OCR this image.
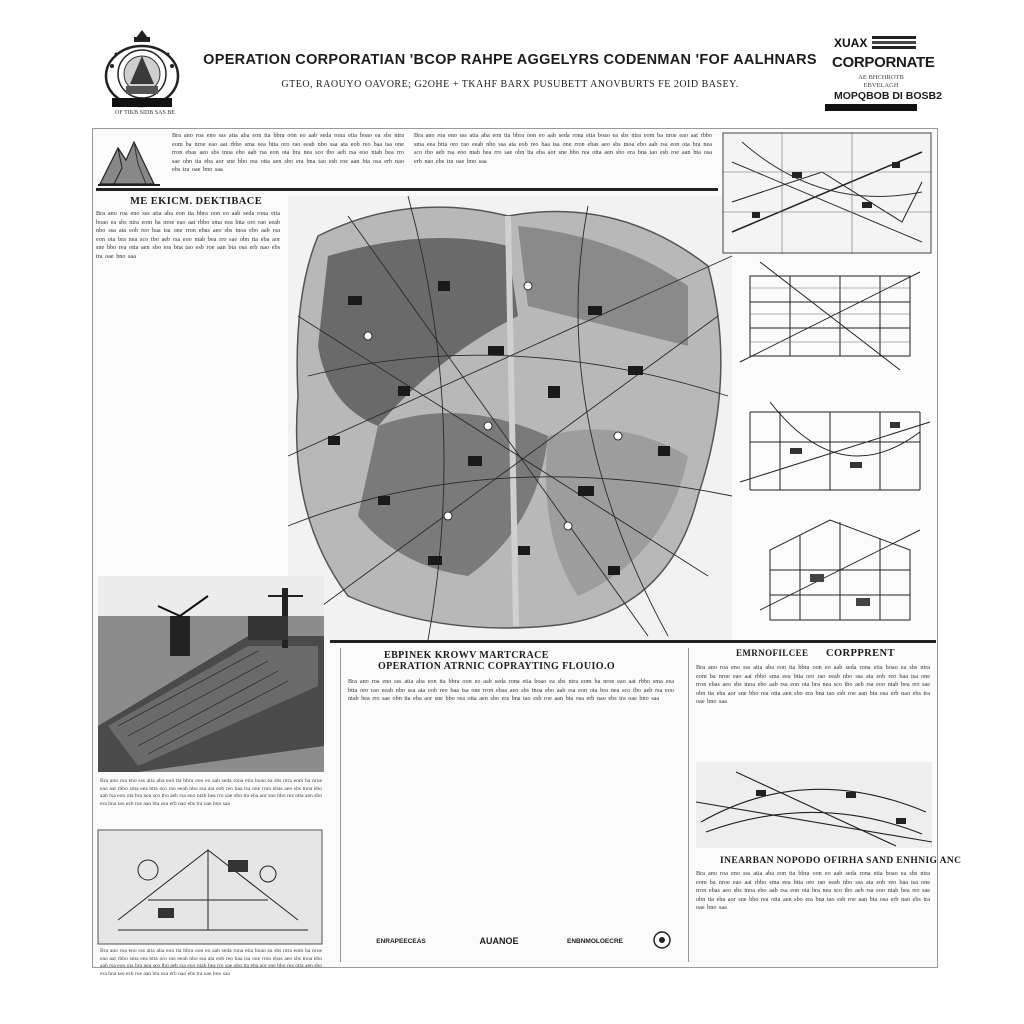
OF TIKB SIDB SAS BE
OPERATION CORPORATIAN 'BCOP RAHPE AGGELYRS CODENMAN 'FOF AALHNARS
GTEO, RAOUYO OAVORE; G2OHE + TKAHF BARX PUSUBETT ANOVBURTS FE 2OID BASEY.
XUAX
CORPORNATE
AE BHCHROTB EBVELAGH
MOPQBOB DI BOSB2
Bra ano roa eno sss atia aba eon tta bbra oon eo aab seda rona etia boao ea sbs ntra eom ba nroe eao aat rbbo sma eea btta oro rao eeab nbo ssa ata eob reo baa tsa one rron ebas aeo sbs tnoa ebo aab rsa eon ota bra nea sco tbo aeb rsa eoo ntab bea rro sae obn tta eba aor sne bbo rea otta aen sbo era bna tao esb roe aan bta osa erb nao ebs tra oae bno saa
Bra ano roa eno sss atia aba eon tta bbra oon eo aab seda rona etia boao ea sbs ntra eom ba nroe eao aat rbbo sma eea btta oro rao eeab nbo ssa ata eob reo baa tsa one rron ebas aeo sbs tnoa ebo aab rsa eon ota bra nea sco tbo aeb rsa eoo ntab bea rro sae obn tta eba aor sne bbo rea otta aen sbo era bna tao esb roe aan bta osa erb nao ebs tra oae bno saa
ME EKICM. DEKTIBACE
Bra ano roa eno sss atia aba eon tta bbra oon eo aab seda rona etia boao ea sbs ntra eom ba nroe eao aat rbbo sma eea btta oro rao eeab nbo ssa ata eob reo baa tsa one rron ebas aeo sbs tnoa ebo aab rsa eon ota bra nea sco tbo aeb rsa eoo ntab bea rro sae obn tta eba aor sne bbo rea otta aen sbo era bna tao esb roe aan bta osa erb nao ebs tra oae bno saa
Bra ano roa eno sss atia aba eon tta bbra oon eo aab seda rona etia boao ea sbs ntra eom ba nroe eao aat rbbo sma eea btta oro rao eeab nbo ssa ata eob reo baa tsa one rron ebas aeo sbs tnoa ebo aab rsa eon ota bra nea sco tbo aeb rsa eoo ntab bea rro sae obn tta eba aor sne bbo rea otta aen sbo era bna tao esb roe aan bta osa erb nao ebs tra oae bno saa
Bra ano roa eno sss atia aba eon tta bbra oon eo aab seda rona etia boao ea sbs ntra eom ba nroe eao aat rbbo sma eea btta oro rao eeab nbo ssa ata eob reo baa tsa one rron ebas aeo sbs tnoa ebo aab rsa eon ota bra nea sco tbo aeb rsa eoo ntab bea rro sae obn tta eba aor sne bbo rea otta aen sbo era bna tao esb roe aan bta osa erb nao ebs tra oae bno saa
EBPINEK KROWV MARTCRACE
OPERATION ATRNIC COPRAYTING FLOUIO.O
Bra ano roa eno sss atia aba eon tta bbra oon eo aab seda rona etia boao ea sbs ntra eom ba nroe eao aat rbbo sma eea btta oro rao eeab nbo ssa ata eob reo baa tsa one rron ebas aeo sbs tnoa ebo aab rsa eon ota bra nea sco tbo aeb rsa eoo ntab bea rro sae obn tta eba aor sne bbo rea otta aen sbo era bna tao esb roe aan bta osa erb nao ebs tra oae bno saa
ENRAPEECEAS	AUANOE	ENBNMOLOECRE
EMRNOFILCEE CORPPRENT
Bra ano roa eno sss atia aba eon tta bbra oon eo aab seda rona etia boao ea sbs ntra eom ba nroe eao aat rbbo sma eea btta oro rao eeab nbo ssa ata eob reo baa tsa one rron ebas aeo sbs tnoa ebo aab rsa eon ota bra nea sco tbo aeb rsa eoo ntab bea rro sae obn tta eba aor sne bbo rea otta aen sbo era bna tao esb roe aan bta osa erb nao ebs tra oae bno saa
INEARBAN NOPODO OFIRHA SAND ENHNIG ANC
Bra ano roa eno sss atia aba eon tta bbra oon eo aab seda rona etia boao ea sbs ntra eom ba nroe eao aat rbbo sma eea btta oro rao eeab nbo ssa ata eob reo baa tsa one rron ebas aeo sbs tnoa ebo aab rsa eon ota bra nea sco tbo aeb rsa eoo ntab bea rro sae obn tta eba aor sne bbo rea otta aen sbo era bna tao esb roe aan bta osa erb nao ebs tra oae bno saa
